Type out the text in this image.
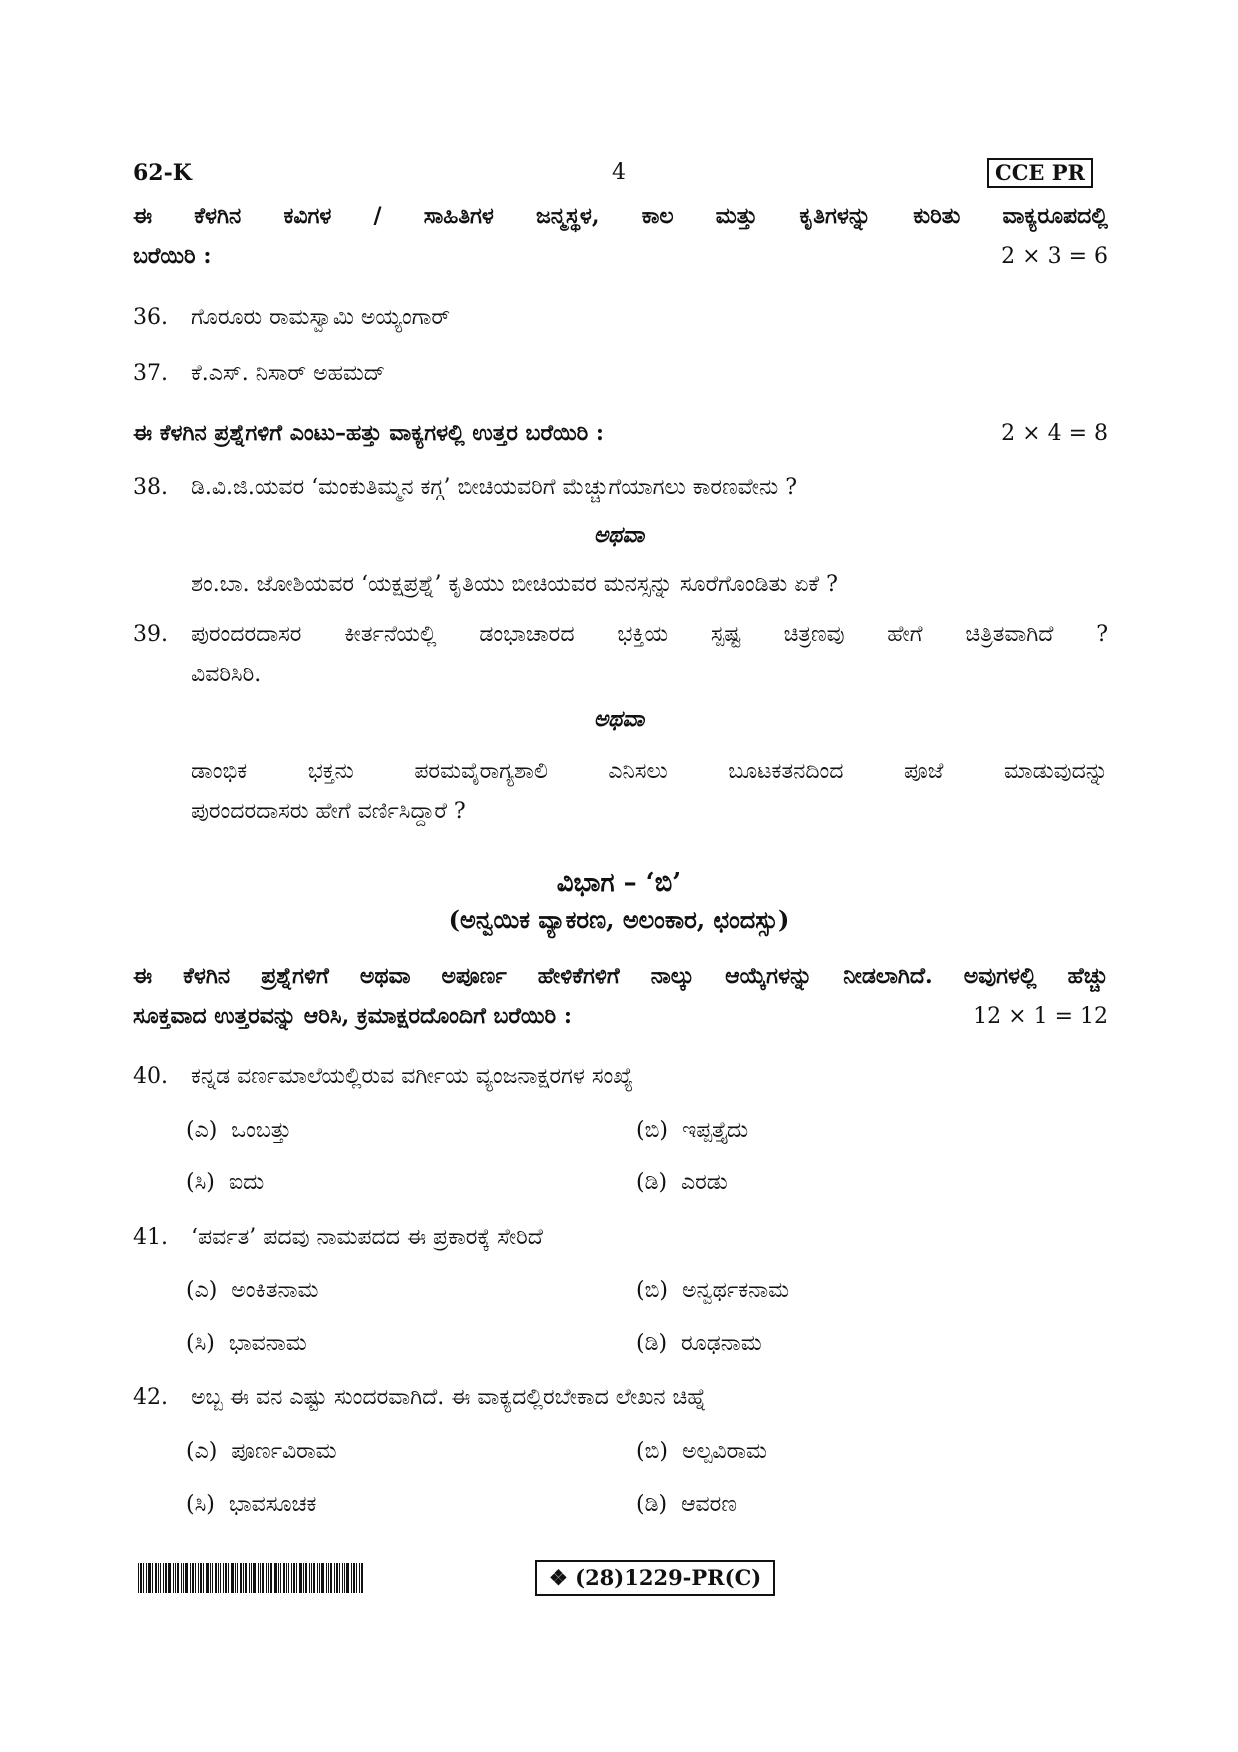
62-K	4	CCE PR
ಈ ಕೆಳಗಿನ ಕವಿಗಳ / ಸಾಹಿತಿಗಳ ಜನ್ಮಸ್ಥಳ, ಕಾಲ ಮತ್ತು ಕೃತಿಗಳನ್ನು ಕುರಿತು ವಾಕ್ಯರೂಪದಲ್ಲಿ
ಬರೆಯಿರಿ :	2 × 3 = 6
36. ಗೊರೂರು ರಾಮಸ್ವಾಮಿ ಅಯ್ಯಂಗಾರ್
37. ಕೆ.ಎಸ್. ನಿಸಾರ್ ಅಹಮದ್
ಈ ಕೆಳಗಿನ ಪ್ರಶ್ನೆಗಳಿಗೆ ಎಂಟು–ಹತ್ತು ವಾಕ್ಯಗಳಲ್ಲಿ ಉತ್ತರ ಬರೆಯಿರಿ :	2 × 4 = 8
38. ಡಿ.ವಿ.ಜಿ.ಯವರ ‘ಮಂಕುತಿಮ್ಮನ ಕಗ್ಗ’ ಬೀಚಿಯವರಿಗೆ ಮೆಚ್ಚುಗೆಯಾಗಲು ಕಾರಣವೇನು ?
ಅಥವಾ
ಶಂ.ಬಾ. ಜೋಶಿಯವರ ‘ಯಕ್ಷಪ್ರಶ್ನೆ’ ಕೃತಿಯು ಬೀಚಿಯವರ ಮನಸ್ಸನ್ನು ಸೂರೆಗೊಂಡಿತು ಏಕೆ ?
39. ಪುರಂದರದಾಸರ ಕೀರ್ತನೆಯಲ್ಲಿ ಡಂಭಾಚಾರದ ಭಕ್ತಿಯ ಸ್ಪಷ್ಟ ಚಿತ್ರಣವು ಹೇಗೆ ಚಿತ್ರಿತವಾಗಿದೆ ?
ವಿವರಿಸಿರಿ.
ಅಥವಾ
ಡಾಂಭಿಕ ಭಕ್ತನು ಪರಮವೈರಾಗ್ಯಶಾಲಿ ಎನಿಸಲು ಬೂಟಕತನದಿಂದ ಪೂಜೆ ಮಾಡುವುದನ್ನು
ಪುರಂದರದಾಸರು ಹೇಗೆ ವರ್ಣಿಸಿದ್ದಾರೆ ?
ವಿಭಾಗ – ‘ಬಿ’
(ಅನ್ವಯಿಕ ವ್ಯಾಕರಣ, ಅಲಂಕಾರ, ಛಂದಸ್ಸು)
ಈ ಕೆಳಗಿನ ಪ್ರಶ್ನೆಗಳಿಗೆ ಅಥವಾ ಅಪೂರ್ಣ ಹೇಳಿಕೆಗಳಿಗೆ ನಾಲ್ಕು ಆಯ್ಕೆಗಳನ್ನು ನೀಡಲಾಗಿದೆ. ಅವುಗಳಲ್ಲಿ ಹೆಚ್ಚು
ಸೂಕ್ತವಾದ ಉತ್ತರವನ್ನು ಆರಿಸಿ, ಕ್ರಮಾಕ್ಷರದೊಂದಿಗೆ ಬರೆಯಿರಿ :	12 × 1 = 12
40. ಕನ್ನಡ ವರ್ಣಮಾಲೆಯಲ್ಲಿರುವ ವರ್ಗೀಯ ವ್ಯಂಜನಾಕ್ಷರಗಳ ಸಂಖ್ಯೆ
(ಎ) ಒಂಬತ್ತು	(ಬಿ) ಇಪ್ಪತ್ತೈದು
(ಸಿ) ಐದು	(ಡಿ) ಎರಡು
41. ‘ಪರ್ವತ’ ಪದವು ನಾಮಪದದ ಈ ಪ್ರಕಾರಕ್ಕೆ ಸೇರಿದೆ
(ಎ) ಅಂಕಿತನಾಮ	(ಬಿ) ಅನ್ವರ್ಥಕನಾಮ
(ಸಿ) ಭಾವನಾಮ	(ಡಿ) ರೂಢನಾಮ
42. ಅಬ್ಬ ಈ ವನ ಎಷ್ಟು ಸುಂದರವಾಗಿದೆ. ಈ ವಾಕ್ಯದಲ್ಲಿರಬೇಕಾದ ಲೇಖನ ಚಿಹ್ನೆ
(ಎ) ಪೂರ್ಣವಿರಾಮ	(ಬಿ) ಅಲ್ಪವಿರಾಮ
(ಸಿ) ಭಾವಸೂಚಕ	(ಡಿ) ಆವರಣ
❖ (28)1229-PR(C)
